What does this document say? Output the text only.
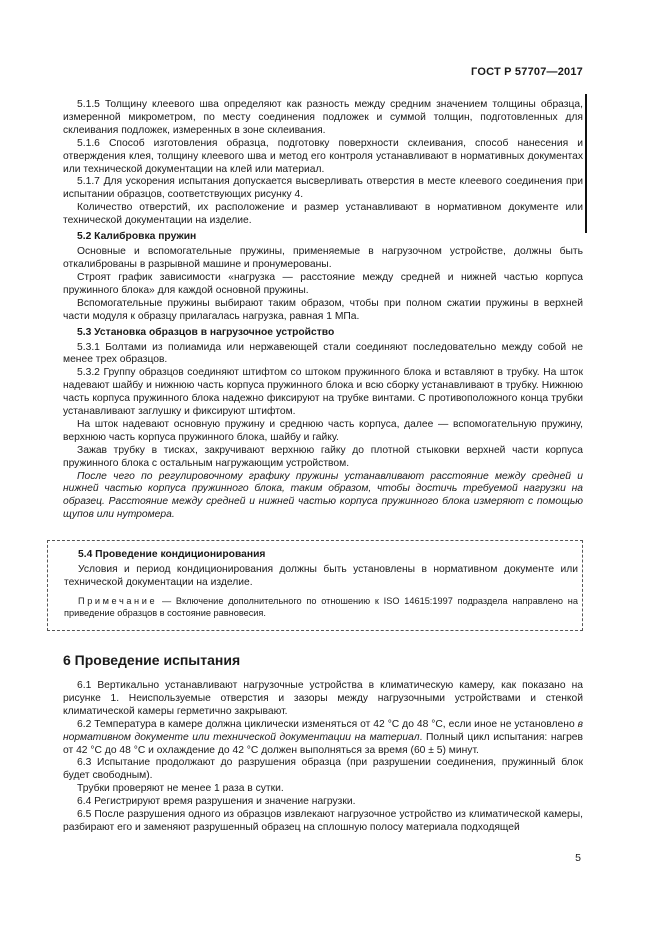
ГОСТ Р 57707—2017

5.1.5 Толщину клеевого шва определяют как разность между средним значением толщины образца, измеренной микрометром, по месту соединения подложек и суммой толщин, подготовленных для склеивания подложек, измеренных в зоне склеивания.

5.1.6 Способ изготовления образца, подготовку поверхности склеивания, способ нанесения и отверждения клея, толщину клеевого шва и метод его контроля устанавливают в нормативных документах или технической документации на клей или материал.

5.1.7 Для ускорения испытания допускается высверливать отверстия в месте клеевого соединения при испытании образцов, соответствующих рисунку 4.

Количество отверстий, их расположение и размер устанавливают в нормативном документе или технической документации на изделие.

5.2 Калибровка пружин

Основные и вспомогательные пружины, применяемые в нагрузочном устройстве, должны быть откалиброваны в разрывной машине и пронумерованы.

Строят график зависимости «нагрузка — расстояние между средней и нижней частью корпуса пружинного блока» для каждой основной пружины.

Вспомогательные пружины выбирают таким образом, чтобы при полном сжатии пружины в верхней части модуля к образцу прилагалась нагрузка, равная 1 МПа.

5.3 Установка образцов в нагрузочное устройство

5.3.1 Болтами из полиамида или нержавеющей стали соединяют последовательно между собой не менее трех образцов.

5.3.2 Группу образцов соединяют штифтом со штоком пружинного блока и вставляют в трубку. На шток надевают шайбу и нижнюю часть корпуса пружинного блока и всю сборку устанавливают в трубку. Нижнюю часть корпуса пружинного блока надежно фиксируют на трубке винтами. С противоположного конца трубки устанавливают заглушку и фиксируют штифтом.

На шток надевают основную пружину и среднюю часть корпуса, далее — вспомогательную пружину, верхнюю часть корпуса пружинного блока, шайбу и гайку.

Зажав трубку в тисках, закручивают верхнюю гайку до плотной стыковки верхней части корпуса пружинного блока с остальным нагружающим устройством.

После чего по регулировочному графику пружины устанавливают расстояние между средней и нижней частью корпуса пружинного блока, таким образом, чтобы достичь требуемой нагрузки на образец. Расстояние между средней и нижней частью корпуса пружинного блока измеряют с помощью щупов или нутромера.

5.4 Проведение кондиционирования

Условия и период кондиционирования должны быть установлены в нормативном документе или технической документации на изделие.

Примечание — Включение дополнительного по отношению к ISO 14615:1997 подраздела направлено на приведение образцов в состояние равновесия.
6 Проведение испытания

6.1 Вертикально устанавливают нагрузочные устройства в климатическую камеру, как показано на рисунке 1. Неиспользуемые отверстия и зазоры между нагрузочными устройствами и стенкой климатической камеры герметично закрывают.

6.2 Температура в камере должна циклически изменяться от 42 °С до 48 °С, если иное не установлено в нормативном документе или технической документации на материал. Полный цикл испытания: нагрев от 42 °С до 48 °С и охлаждение до 42 °С должен выполняться за время (60 ± 5) минут.

6.3 Испытание продолжают до разрушения образца (при разрушении соединения, пружинный блок будет свободным).

Трубки проверяют не менее 1 раза в сутки.

6.4 Регистрируют время разрушения и значение нагрузки.

6.5 После разрушения одного из образцов извлекают нагрузочное устройство из климатической камеры, разбирают его и заменяют разрушенный образец на сплошную полосу материала подходящей

5
